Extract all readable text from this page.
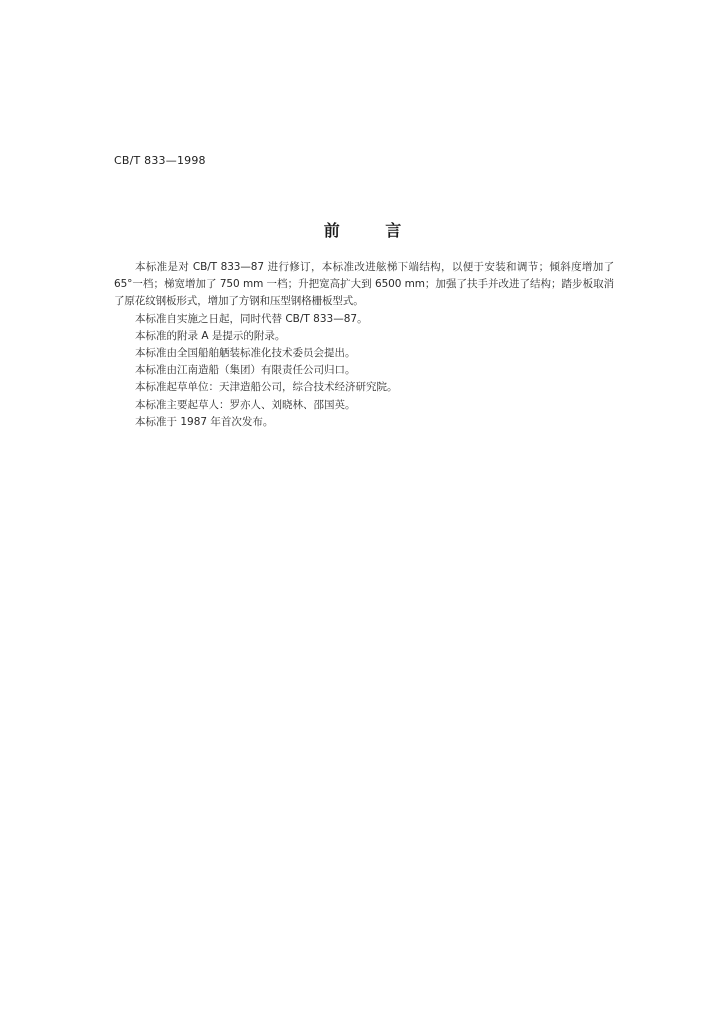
CB/T 833—1998
前 言

本标准是对 CB/T 833—87 进行修订，本标准改进舷梯下端结构，以便于安装和调节；倾斜度增加了 65°一档；梯宽增加了 750 mm 一档；升把宽高扩大到 6500 mm；加强了扶手并改进了结构；踏步板取消了原花纹钢板形式，增加了方钢和压型钢格栅板型式。

本标准自实施之日起，同时代替 CB/T 833—87。

本标准的附录 A 是提示的附录。

本标准由全国船舶舾装标准化技术委员会提出。

本标准由江南造船（集团）有限责任公司归口。

本标准起草单位：天津造船公司，综合技术经济研究院。

本标准主要起草人：罗亦人、刘晓林、邵国英。

本标准于 1987 年首次发布。
